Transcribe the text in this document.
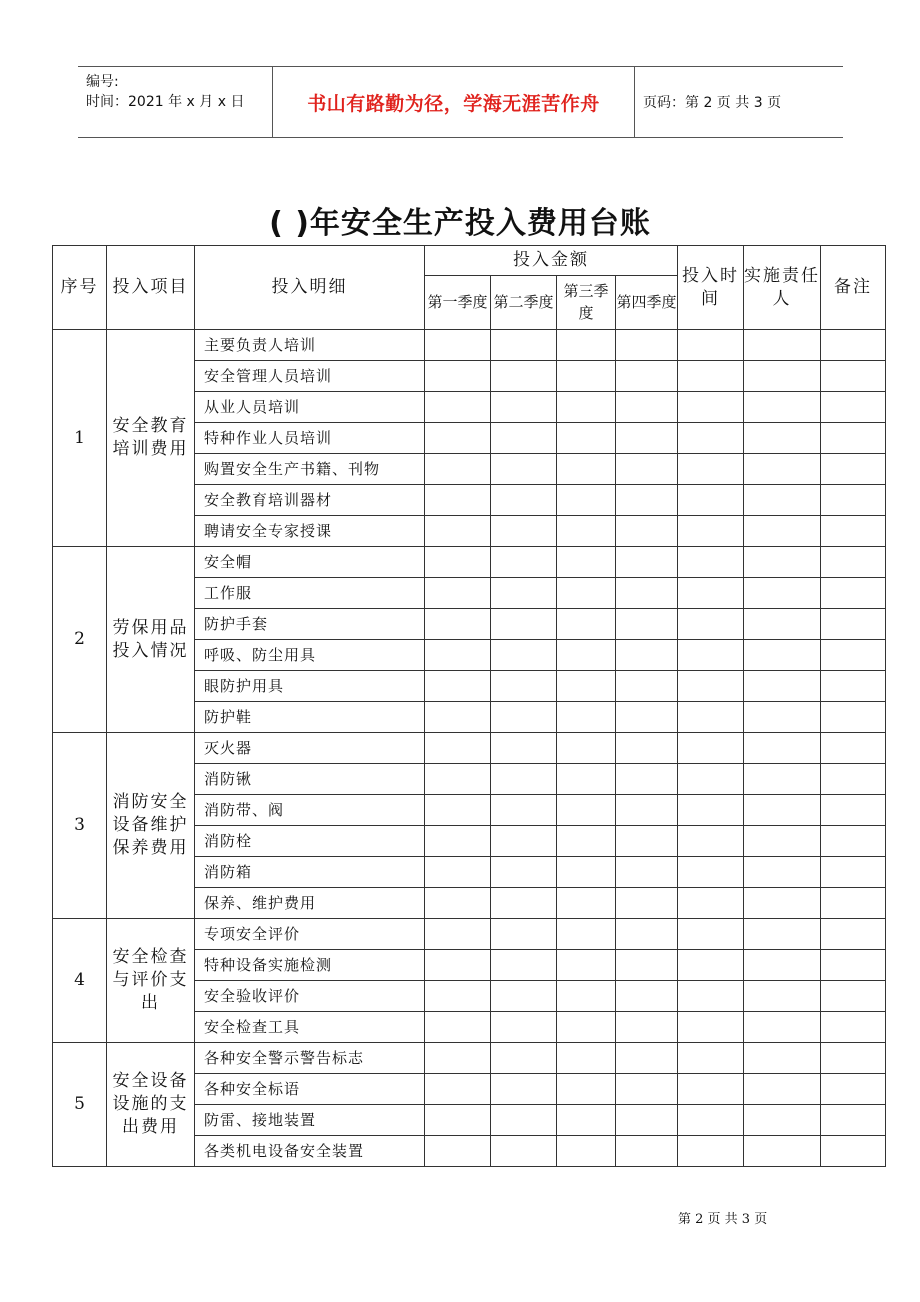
编号:
时间：2021 年 x 月 x 日	书山有路勤为径，学海无涯苦作舟	页码：第 2 页 共 3 页
( )年安全生产投入费用台账
序号	投入项目	投入明细	投入金额				投入时间	实施责任人	备注
			第一季度	第二季度	第三季度	第四季度			
1	安全教育培训费用	主要负责人培训							
		安全管理人员培训							
		从业人员培训							
		特种作业人员培训							
		购置安全生产书籍、刊物							
		安全教育培训器材							
		聘请安全专家授课							
2	劳保用品投入情况	安全帽							
		工作服							
		防护手套							
		呼吸、防尘用具							
		眼防护用具							
		防护鞋							
3	消防安全设备维护保养费用	灭火器							
		消防锹							
		消防带、阀							
		消防栓							
		消防箱							
		保养、维护费用							
4	安全检查与评价支出	专项安全评价							
		特种设备实施检测							
		安全验收评价							
		安全检查工具							
5	安全设备设施的支出费用	各种安全警示警告标志							
		各种安全标语							
		防雷、接地装置							
		各类机电设备安全装置							
第 2 页 共 3 页
